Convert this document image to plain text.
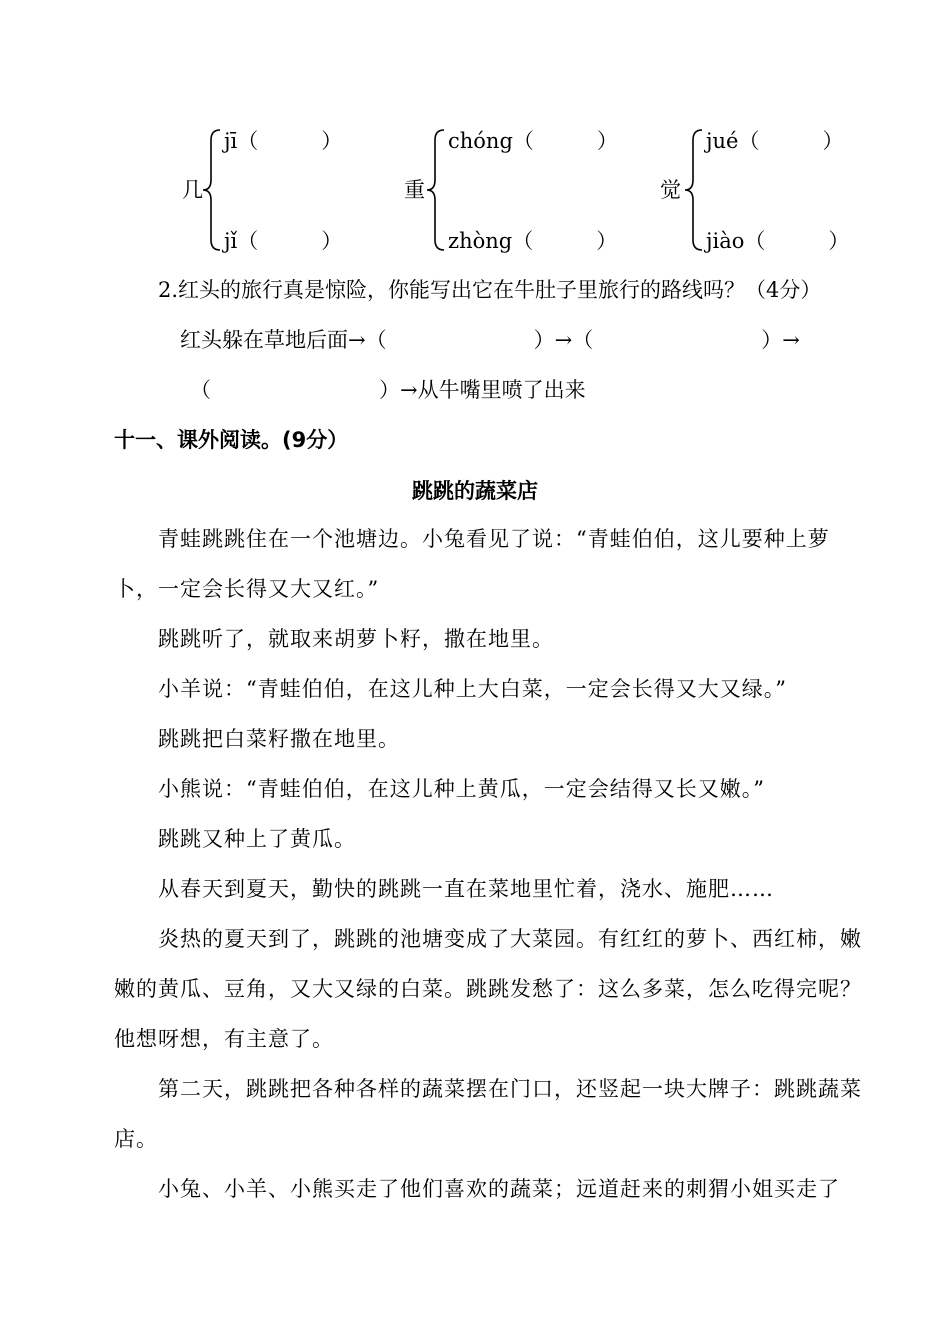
几
jī（　　　）
jǐ（　　　）
重
chóng（　　　）
zhòng（　　　）
觉
jué（　　　）
jiào（　　　）
2.红头的旅行真是惊险，你能写出它在牛肚子里旅行的路线吗？（4分）
红头躲在草地后面→（　　　　　　　）→（　　　　　　　　）→
（　　　　　　　　）→从牛嘴里喷了出来
十一、课外阅读。(9分）
跳跳的蔬菜店
青蛙跳跳住在一个池塘边。小兔看见了说：“青蛙伯伯，这儿要种上萝卜，一定会长得又大又红。”
跳跳听了，就取来胡萝卜籽，撒在地里。
小羊说：“青蛙伯伯，在这儿种上大白菜，一定会长得又大又绿。”
跳跳把白菜籽撒在地里。
小熊说：“青蛙伯伯，在这儿种上黄瓜，一定会结得又长又嫩。”
跳跳又种上了黄瓜。
从春天到夏天，勤快的跳跳一直在菜地里忙着，浇水、施肥……
炎热的夏天到了，跳跳的池塘变成了大菜园。有红红的萝卜、西红柿，嫩嫩的黄瓜、豆角，又大又绿的白菜。跳跳发愁了：这么多菜，怎么吃得完呢？他想呀想，有主意了。
第二天，跳跳把各种各样的蔬菜摆在门口，还竖起一块大牌子：跳跳蔬菜店。
小兔、小羊、小熊买走了他们喜欢的蔬菜；远道赶来的刺猬小姐买走了
